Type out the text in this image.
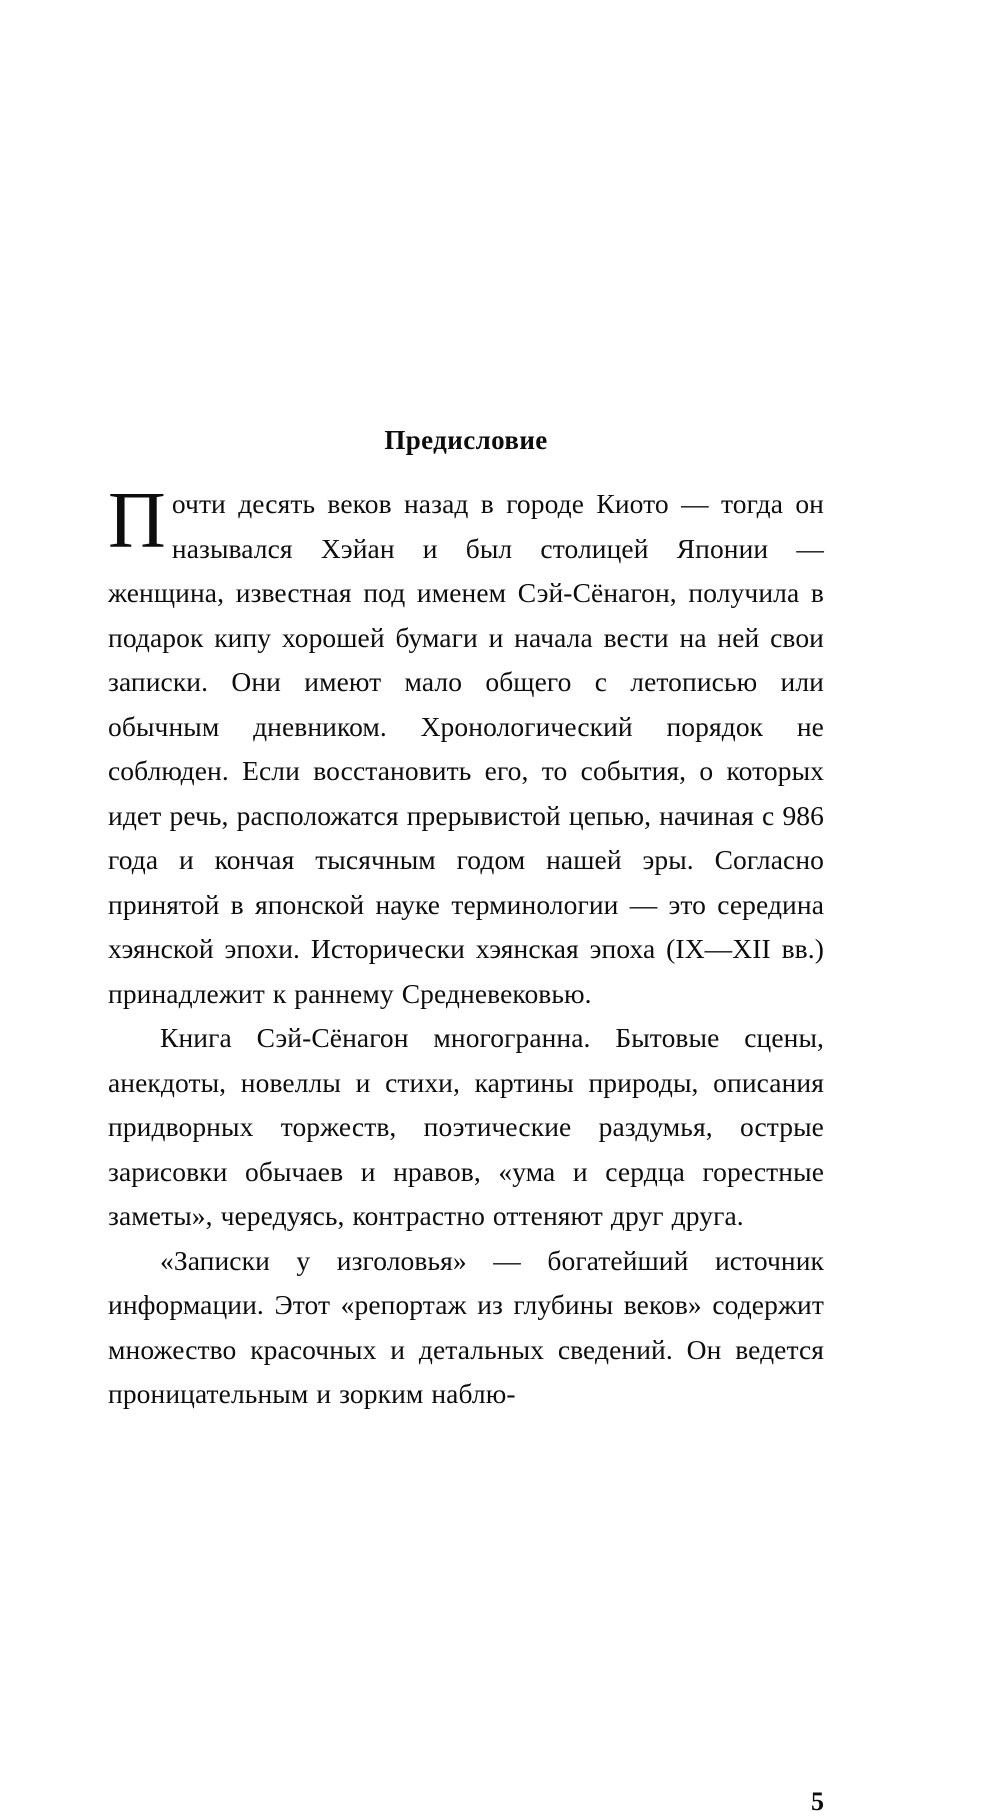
Предисловие

Почти десять веков назад в городе Киото — тогда он назывался Хэйан и был столицей Японии — женщина, известная под именем Сэй-Сёнагон, получила в подарок кипу хорошей бумаги и начала вести на ней свои записки. Они имеют мало общего с летописью или обычным дневником. Хронологический порядок не соблюден. Если восстановить его, то события, о которых идет речь, расположатся прерывистой цепью, начиная с 986 года и кончая тысячным годом нашей эры. Согласно принятой в японской науке терминологии — это середина хэянской эпохи. Исторически хэянская эпоха (IX—XII вв.) принадлежит к раннему Средневековью.

Книга Сэй-Сёнагон многогранна. Бытовые сцены, анекдоты, новеллы и стихи, картины природы, описания придворных торжеств, поэтические раздумья, острые зарисовки обычаев и нравов, «ума и сердца горестные заметы», чередуясь, контрастно оттеняют друг друга.

«Записки у изголовья» — богатейший источник информации. Этот «репортаж из глубины веков» содержит множество красочных и детальных сведений. Он ведется проницательным и зорким наблю-

5
